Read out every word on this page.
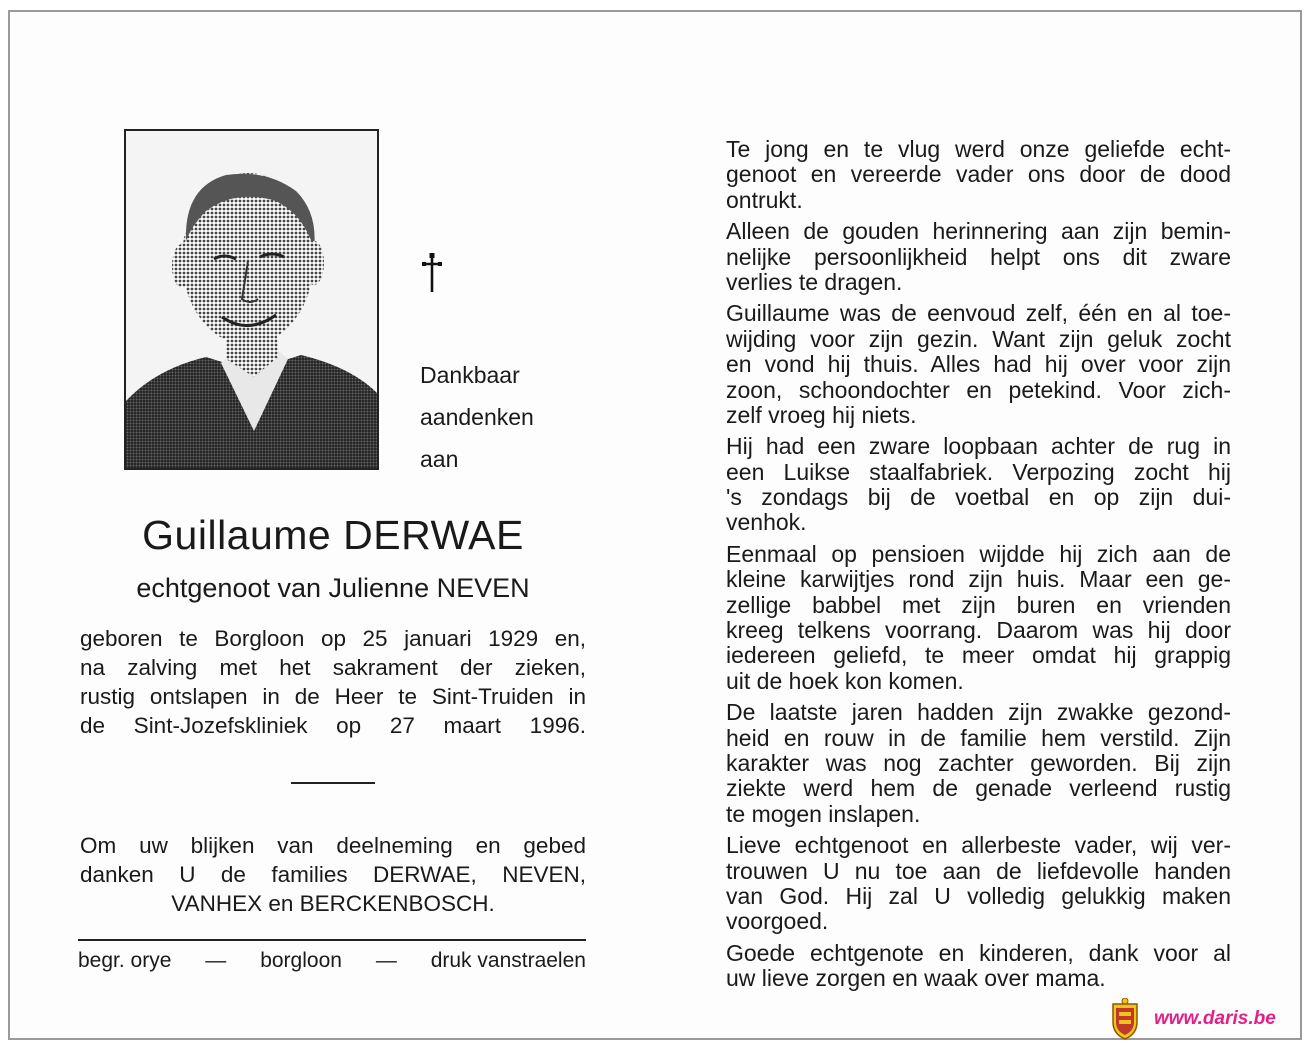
Dankbaar
aandenken
aan
Guillaume DERWAE
echtgenoot van Julienne NEVEN
geboren te Borgloon op 25 januari 1929 en,
na zalving met het sakrament der zieken,
rustig ontslapen in de Heer te Sint-Truiden in
de Sint-Jozefskliniek op 27 maart 1996.
Om uw blijken van deelneming en gebed
danken U de families DERWAE, NEVEN,
VANHEX en BERCKENBOSCH.
begr. orye — borgloon — druk vanstraelen
Te jong en te vlug werd onze geliefde echt-
genoot en vereerde vader ons door de dood
ontrukt.
Alleen de gouden herinnering aan zijn bemin-
nelijke persoonlijkheid helpt ons dit zware
verlies te dragen.
Guillaume was de eenvoud zelf, één en al toe-
wijding voor zijn gezin. Want zijn geluk zocht
en vond hij thuis. Alles had hij over voor zijn
zoon, schoondochter en petekind. Voor zich-
zelf vroeg hij niets.
Hij had een zware loopbaan achter de rug in
een Luikse staalfabriek. Verpozing zocht hij
's zondags bij de voetbal en op zijn dui-
venhok.
Eenmaal op pensioen wijdde hij zich aan de
kleine karwijtjes rond zijn huis. Maar een ge-
zellige babbel met zijn buren en vrienden
kreeg telkens voorrang. Daarom was hij door
iedereen geliefd, te meer omdat hij grappig
uit de hoek kon komen.
De laatste jaren hadden zijn zwakke gezond-
heid en rouw in de familie hem verstild. Zijn
karakter was nog zachter geworden. Bij zijn
ziekte werd hem de genade verleend rustig
te mogen inslapen.
Lieve echtgenoot en allerbeste vader, wij ver-
trouwen U nu toe aan de liefdevolle handen
van God. Hij zal U volledig gelukkig maken
voorgoed.
Goede echtgenote en kinderen, dank voor al
uw lieve zorgen en waak over mama.
www.daris.be
